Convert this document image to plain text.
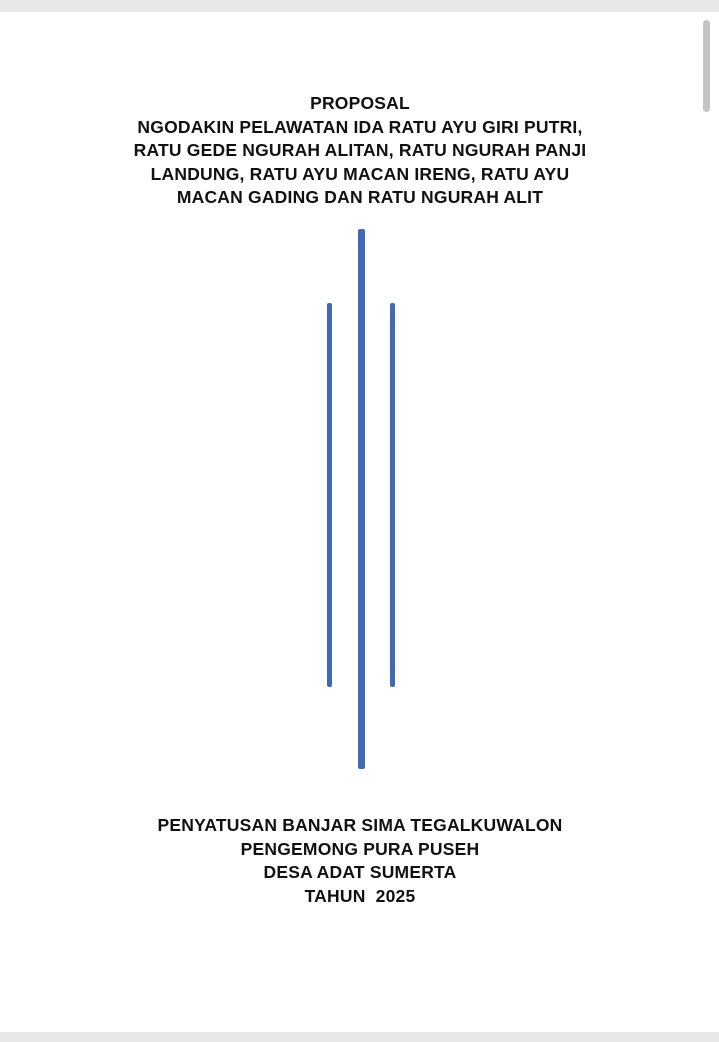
PROPOSAL
NGODAKIN PELAWATAN IDA RATU AYU GIRI PUTRI,
RATU GEDE NGURAH ALITAN, RATU NGURAH PANJI
LANDUNG, RATU AYU MACAN IRENG, RATU AYU
MACAN GADING DAN RATU NGURAH ALIT
PENYATUSAN BANJAR SIMA TEGALKUWALON
PENGEMONG PURA PUSEH
DESA ADAT SUMERTA
TAHUN  2025
